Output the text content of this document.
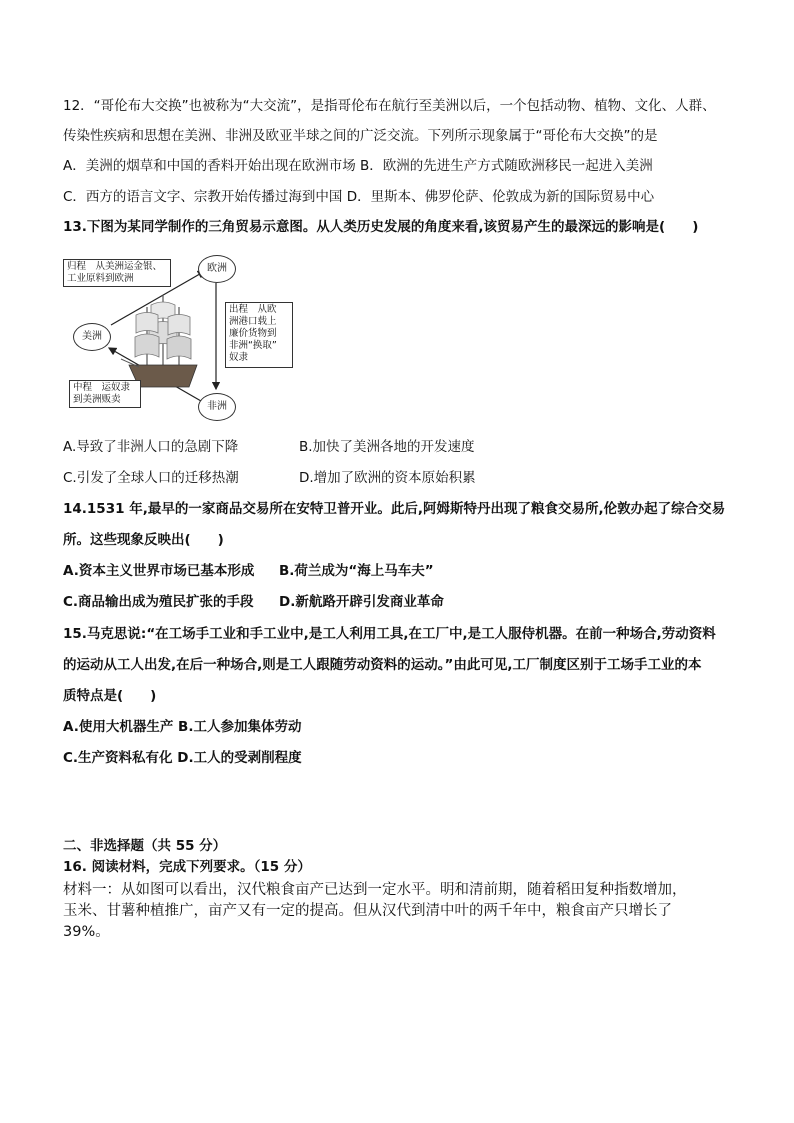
12．“哥伦布大交换”也被称为“大交流”，是指哥伦布在航行至美洲以后，一个包括动物、植物、文化、人群、
传染性疾病和思想在美洲、非洲及欧亚半球之间的广泛交流。下列所示现象属于“哥伦布大交换”的是
A．美洲的烟草和中国的香料开始出现在欧洲市场 B．欧洲的先进生产方式随欧洲移民一起进入美洲
C．西方的语言文字、宗教开始传播过海到中国 D．里斯本、佛罗伦萨、伦敦成为新的国际贸易中心
13.下图为某同学制作的三角贸易示意图。从人类历史发展的角度来看,该贸易产生的最深远的影响是(　　)
归程　从美洲运金银、
工业原料到欧洲
欧洲
美洲
非洲
出程　从欧
洲港口载上
廉价货物到
非洲“换取”
奴隶
中程　运奴隶
到美洲贩卖
A.导致了非洲人口的急剧下降	B.加快了美洲各地的开发速度
C.引发了全球人口的迁移热潮	D.增加了欧洲的资本原始积累
14.1531 年,最早的一家商品交易所在安特卫普开业。此后,阿姆斯特丹出现了粮食交易所,伦敦办起了综合交易
所。这些现象反映出(　　)
A.资本主义世界市场已基本形成 B.荷兰成为“海上马车夫”
C.商品输出成为殖民扩张的手段 D.新航路开辟引发商业革命
15.马克思说:“在工场手工业和手工业中,是工人利用工具,在工厂中,是工人服侍机器。在前一种场合,劳动资料
的运动从工人出发,在后一种场合,则是工人跟随劳动资料的运动。”由此可见,工厂制度区别于工场手工业的本
质特点是(　　)
A.使用大机器生产 B.工人参加集体劳动
C.生产资料私有化 D.工人的受剥削程度
二、非选择题（共 55 分）
16. 阅读材料，完成下列要求。（15 分）
材料一：从如图可以看出，汉代粮食亩产已达到一定水平。明和清前期，随着稻田复种指数增加，
玉米、甘薯种植推广，亩产又有一定的提高。但从汉代到清中叶的两千年中，粮食亩产只增长了
39%。
